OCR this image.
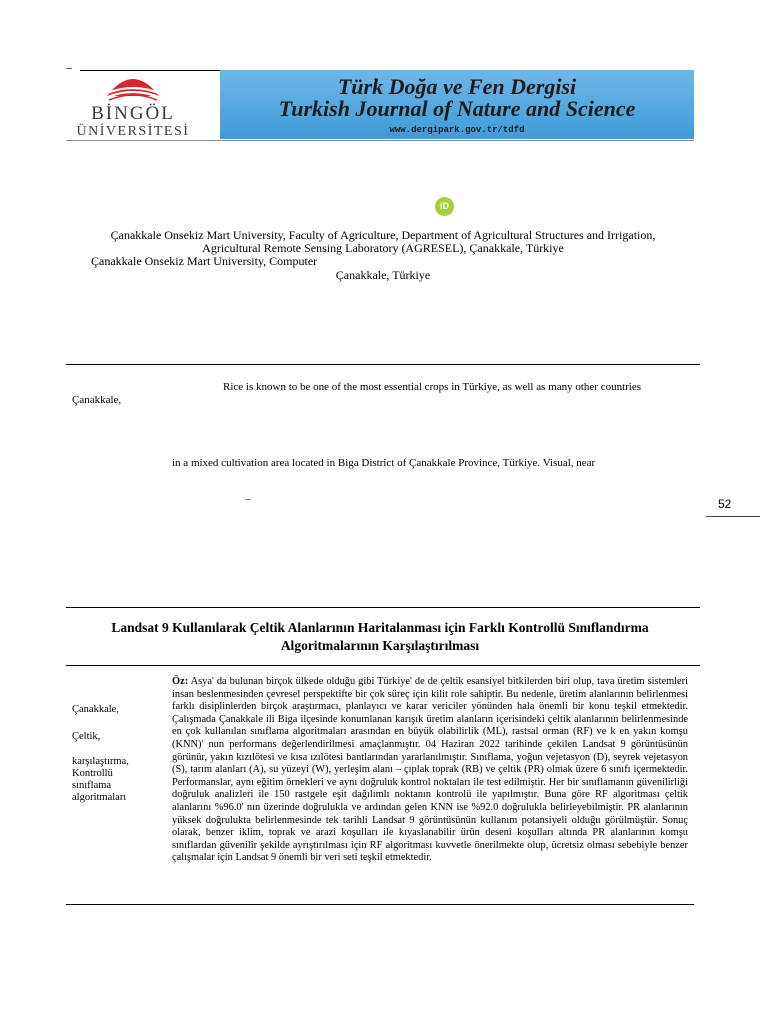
–
BİNGÖL
ÜNİVERSİTESİ
Türk Doğa ve Fen Dergisi
Turkish Journal of Nature and Science
www.dergipark.gov.tr/tdfd
iD
Çanakkale Onsekiz Mart University, Faculty of Agriculture, Department of Agricultural Structures and Irrigation,
Agricultural Remote Sensing Laboratory (AGRESEL), Çanakkale, Türkiye
Çanakkale Onsekiz Mart University, Computer
Çanakkale, Türkiye
Rice is known to be one of the most essential crops in Türkiye, as well as many other countries
Çanakkale,
in a mixed cultivation area located in Biga District of Çanakkale Province, Türkiye. Visual, near
–	52
Landsat 9 Kullanılarak Çeltik Alanlarının Haritalanması için Farklı Kontrollü Sınıflandırma
Algoritmalarının Karşılaştırılması
Çanakkale,
Çeltik,
karşılaştırma,
Kontrollü
sınıflama
algoritmaları
Öz: Asya' da bulunan birçok ülkede olduğu gibi Türkiye' de de çeltik esansiyel bitkilerden biri olup, tava üretim sistemleri insan beslenmesinden çevresel perspektifte bir çok süreç için kilit role sahiptir. Bu nedenle, üretim alanlarının belirlenmesi farklı disiplinlerden birçok araştırmacı, planlayıcı ve karar vericiler yönünden hala önemli bir konu teşkil etmektedir. Çalışmada Çanakkale ili Biga ilçesinde konumlanan karışık üretim alanların içerisindeki çeltik alanlarının belirlenmesinde en çok kullanılan sınıflama algoritmaları arasından en büyük olabilirlik (ML), rastsal orman (RF) ve k en yakın komşu (KNN)' nun performans değerlendirilmesi amaçlanmıştır. 04 Haziran 2022 tarihinde çekilen Landsat 9 görüntüsünün görünür, yakın kızılötesi ve kısa ızılötesi bantlarından yararlanılmıştır. Sınıflama, yoğun vejetasyon (D), seyrek vejetasyon (S), tarım alanları (A), su yüzeyi (W), yerleşim alanı – çıplak toprak (RB) ve çeltik (PR) olmak üzere 6 sınıfı içermektedir. Performanslar, aynı eğitim örnekleri ve aynı doğruluk kontrol noktaları ile test edilmiştir. Her bir sınıflamanın güvenilirliği doğruluk analizleri ile 150 rastgele eşit dağılımlı noktanın kontrolü ile yapılmıştır. Buna göre RF algoritması çeltik alanlarını %96.0' nın üzerinde doğrulukla ve ardından gelen KNN ise %92.0 doğrulukla belirleyebilmiştir. PR alanlarının yüksek doğrulukta belirlenmesinde tek tarihli Landsat 9 görüntüsünün kullanım potansiyeli olduğu görülmüştür. Sonuç olarak, benzer iklim, toprak ve arazi koşulları ile kıyaslanabilir ürün deseni koşulları altında PR alanlarının komşu sınıflardan güvenilir şekilde ayrıştırılması için RF algoritması kuvvetle önerilmekte olup, ücretsiz olması sebebiyle benzer çalışmalar için Landsat 9 önemli bir veri seti teşkil etmektedir.
